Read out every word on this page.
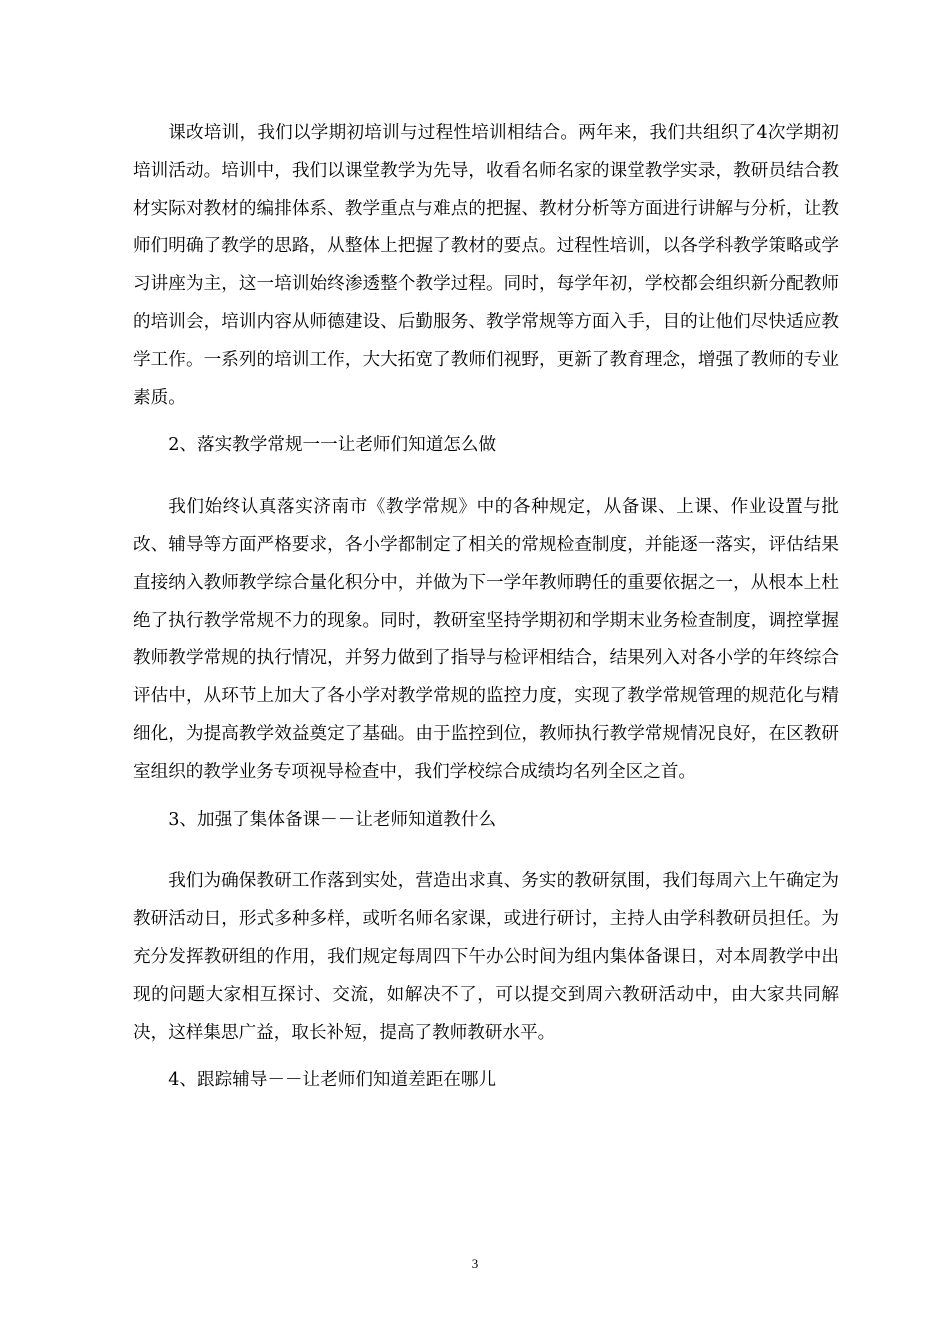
课改培训，我们以学期初培训与过程性培训相结合。两年来，我们共组织了4次学期初培训活动。培训中，我们以课堂教学为先导，收看名师名家的课堂教学实录，教研员结合教材实际对教材的编排体系、教学重点与难点的把握、教材分析等方面进行讲解与分析，让教师们明确了教学的思路，从整体上把握了教材的要点。过程性培训，以各学科教学策略或学习讲座为主，这一培训始终渗透整个教学过程。同时，每学年初，学校都会组织新分配教师的培训会，培训内容从师德建设、后勤服务、教学常规等方面入手，目的让他们尽快适应教学工作。一系列的培训工作，大大拓宽了教师们视野，更新了教育理念，增强了教师的专业素质。

2、落实教学常规一一让老师们知道怎么做

我们始终认真落实济南市《教学常规》中的各种规定，从备课、上课、作业设置与批改、辅导等方面严格要求，各小学都制定了相关的常规检查制度，并能逐一落实，评估结果直接纳入教师教学综合量化积分中，并做为下一学年教师聘任的重要依据之一，从根本上杜绝了执行教学常规不力的现象。同时，教研室坚持学期初和学期末业务检查制度，调控掌握教师教学常规的执行情况，并努力做到了指导与检评相结合，结果列入对各小学的年终综合评估中，从环节上加大了各小学对教学常规的监控力度，实现了教学常规管理的规范化与精细化，为提高教学效益奠定了基础。由于监控到位，教师执行教学常规情况良好，在区教研室组织的教学业务专项视导检查中，我们学校综合成绩均名列全区之首。

3、加强了集体备课－－让老师知道教什么

我们为确保教研工作落到实处，营造出求真、务实的教研氛围，我们每周六上午确定为教研活动日，形式多种多样，或听名师名家课，或进行研讨，主持人由学科教研员担任。为充分发挥教研组的作用，我们规定每周四下午办公时间为组内集体备课日，对本周教学中出现的问题大家相互探讨、交流，如解决不了，可以提交到周六教研活动中，由大家共同解决，这样集思广益，取长补短，提高了教师教研水平。

4、跟踪辅导－－让老师们知道差距在哪儿

3
